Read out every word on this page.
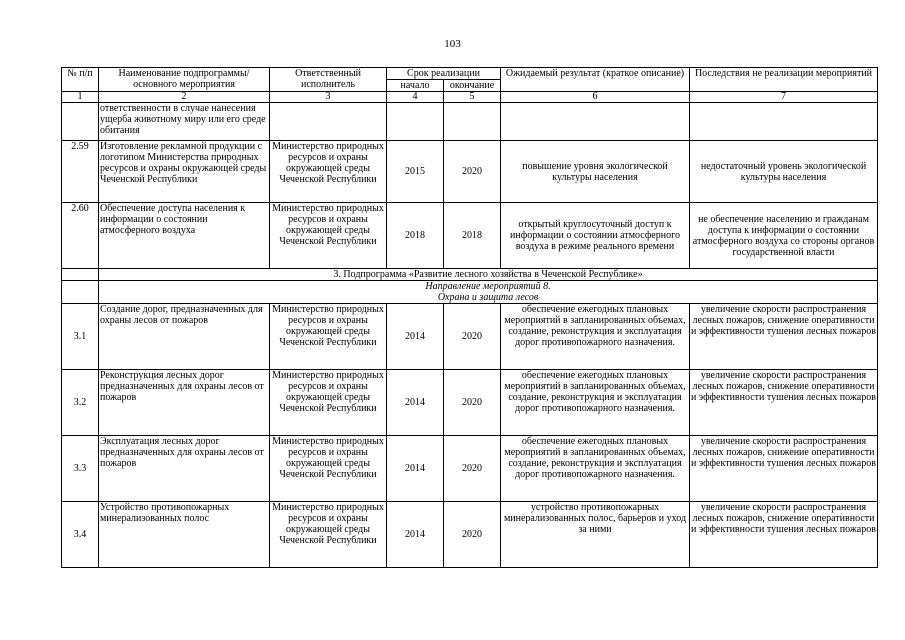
103
№ п/п	Наименование подпрограммы/ основного мероприятия	Ответственный исполнитель	Срок реализации		Ожидаемый результат (краткое описание)	Последствия не реализации мероприятий
			начало	окончание		
1	2	3	4	5	6	7
	ответственности в случае нанесения ущерба животному миру или его среде обитания					
2.59	Изготовление рекламной продукции с логотипом Министерства природных ресурсов и охраны окружающей среды Чеченской Республики	Министерство природных ресурсов и охраны окружающей среды Чеченской Республики	2015	2020	повышение уровня экологической культуры населения	недостаточный уровень экологической культуры населения
2.60	Обеспечение доступа населения к информации о состоянии атмосферного воздуха	Министерство природных ресурсов и охраны окружающей среды Чеченской Республики	2018	2018	открытый круглосуточный доступ к информации о состоянии атмосферного воздуха в режиме реального времени	не обеспечение населению и гражданам доступа к информации о состоянии атмосферного воздуха со стороны органов государственной власти
	3. Подпрограмма «Развитие лесного хозяйства в Чеченской Республике»					

	Направление мероприятий 8.
Охрана и защита лесов					

3.1	Создание дорог, предназначенных для охраны лесов от пожаров	Министерство природных ресурсов и охраны окружающей среды Чеченской Республики	2014	2020	обеспечение ежегодных плановых мероприятий в запланированных объемах, создание, реконструкция и эксплуатация дорог противопожарного назначения.	увеличение скорости распространения лесных пожаров, снижение оперативности и эффективности тушения лесных пожаров
3.2	Реконструкция лесных дорог предназначенных для охраны лесов от пожаров	Министерство природных ресурсов и охраны окружающей среды Чеченской Республики	2014	2020	обеспечение ежегодных плановых мероприятий в запланированных объемах, создание, реконструкция и эксплуатация дорог противопожарного назначения.	увеличение скорости распространения лесных пожаров, снижение оперативности и эффективности тушения лесных пожаров
3.3	Эксплуатация лесных дорог предназначенных для охраны лесов от пожаров	Министерство природных ресурсов и охраны окружающей среды Чеченской Республики	2014	2020	обеспечение ежегодных плановых мероприятий в запланированных объемах, создание, реконструкция и эксплуатация дорог противопожарного назначения.	увеличение скорости распространения лесных пожаров, снижение оперативности и эффективности тушения лесных пожаров
3.4	Устройство противопожарных минерализованных полос	Министерство природных ресурсов и охраны окружающей среды Чеченской Республики	2014	2020	устройство противопожарных минерализованных полос, барьеров и уход за ними	увеличение скорости распространения лесных пожаров, снижение оперативности и эффективности тушения лесных пожаров
